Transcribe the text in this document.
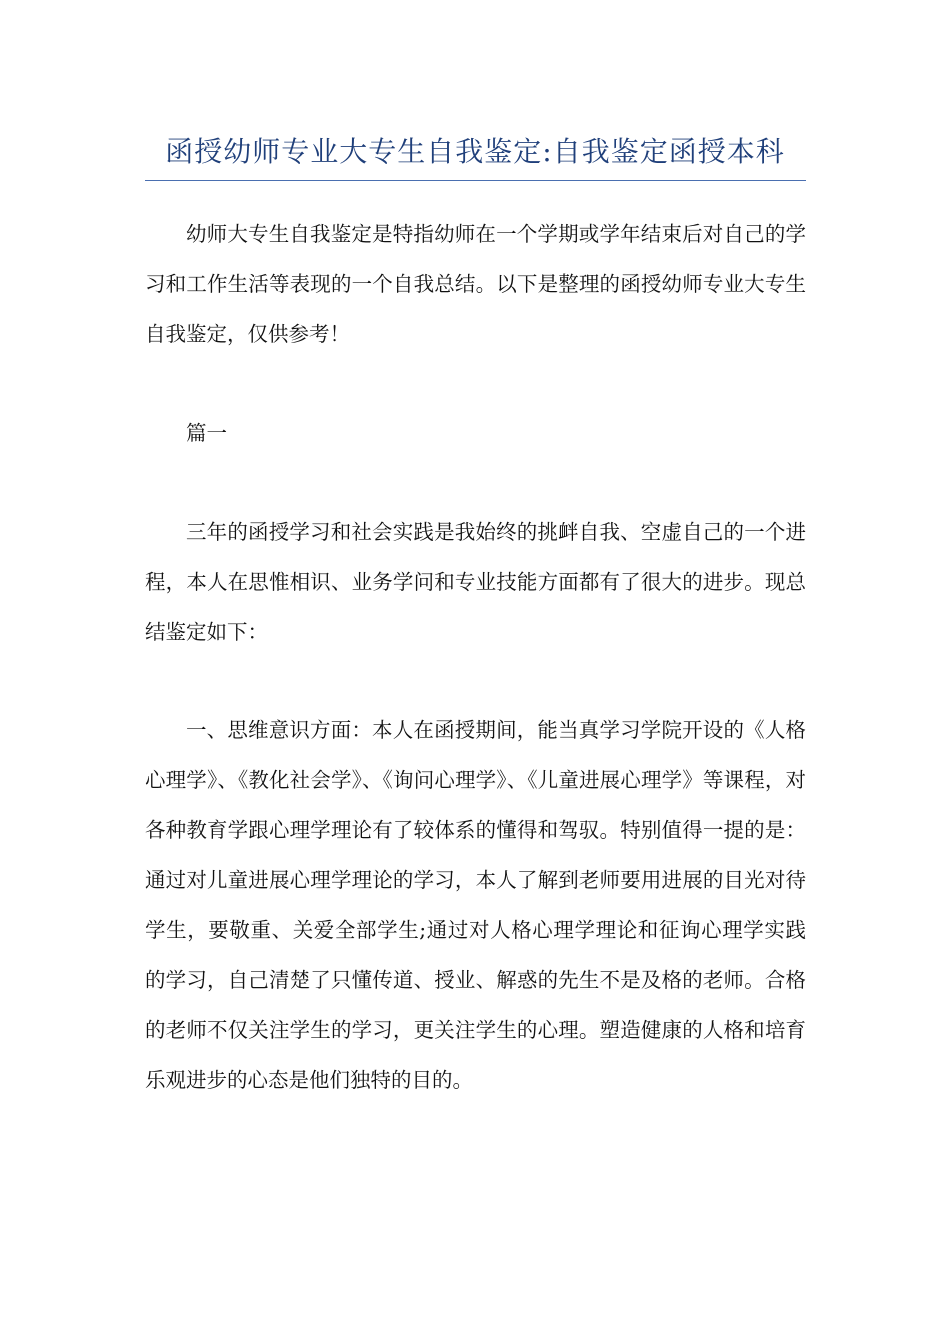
函授幼师专业大专生自我鉴定:自我鉴定函授本科

幼师大专生自我鉴定是特指幼师在一个学期或学年结束后对自己的学习和工作生活等表现的一个自我总结。以下是整理的函授幼师专业大专生自我鉴定，仅供参考！

篇一

三年的函授学习和社会实践是我始终的挑衅自我、空虚自己的一个进程，本人在思惟相识、业务学问和专业技能方面都有了很大的进步。现总结鉴定如下：

一、思维意识方面：本人在函授期间，能当真学习学院开设的《人格心理学》、《教化社会学》、《询问心理学》、《儿童进展心理学》等课程，对各种教育学跟心理学理论有了较体系的懂得和驾驭。特别值得一提的是：通过对儿童进展心理学理论的学习，本人了解到老师要用进展的目光对待学生，要敬重、关爱全部学生;通过对人格心理学理论和征询心理学实践的学习，自己清楚了只懂传道、授业、解惑的先生不是及格的老师。合格的老师不仅关注学生的学习，更关注学生的心理。塑造健康的人格和培育乐观进步的心态是他们独特的目的。
